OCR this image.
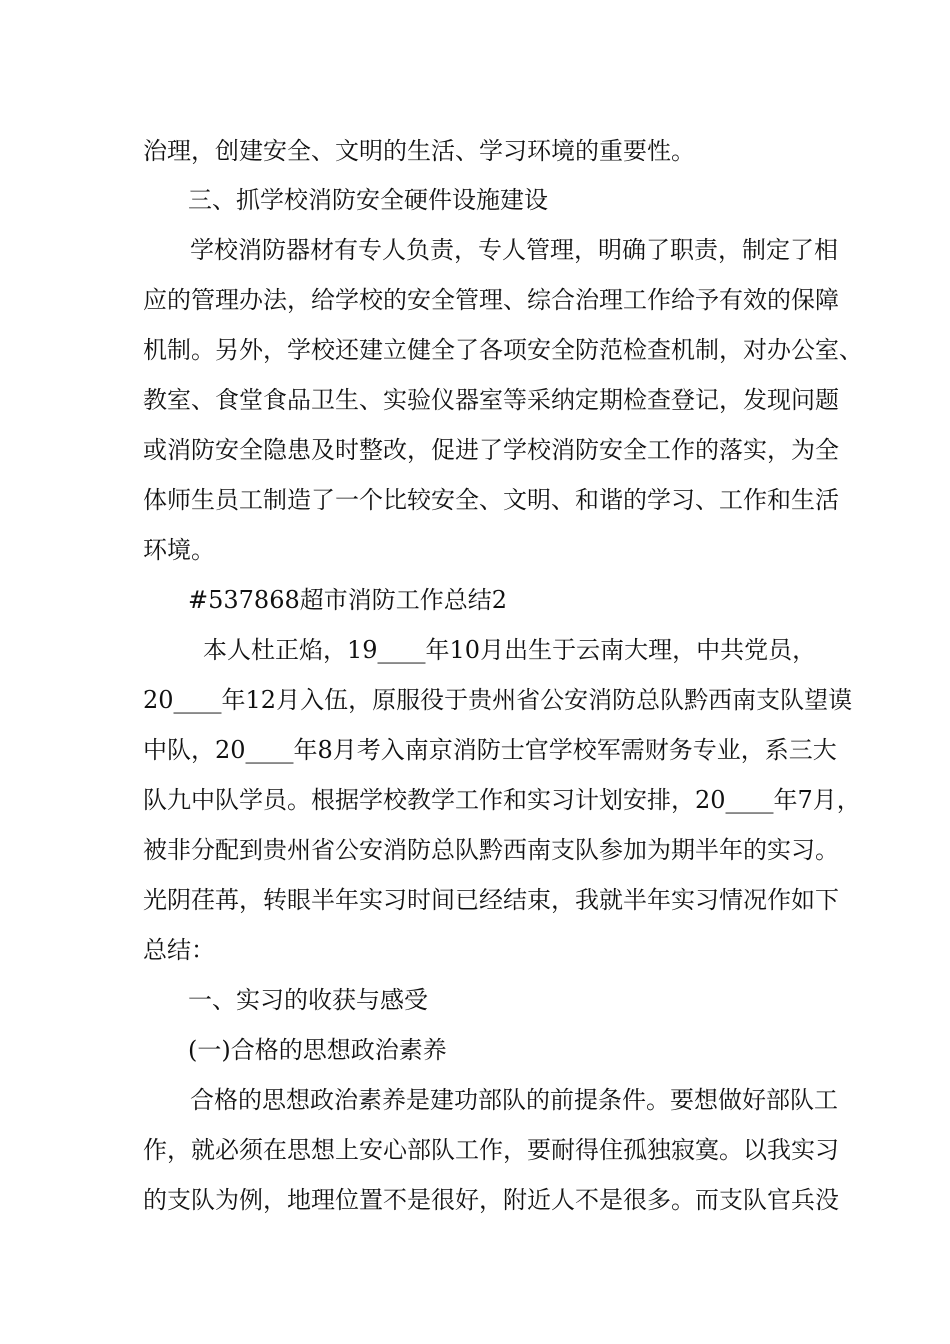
治理，创建安全、文明的生活、学习环境的重要性。
三、抓学校消防安全硬件设施建设
学校消防器材有专人负责，专人管理，明确了职责，制定了相
应的管理办法，给学校的安全管理、综合治理工作给予有效的保障
机制。另外，学校还建立健全了各项安全防范检查机制，对办公室、
教室、食堂食品卫生、实验仪器室等采纳定期检查登记，发现问题
或消防安全隐患及时整改，促进了学校消防安全工作的落实，为全
体师生员工制造了一个比较安全、文明、和谐的学习、工作和生活
环境。
#537868超市消防工作总结2
本人杜正焰，19____年10月出生于云南大理，中共党员，
20____年12月入伍，原服役于贵州省公安消防总队黔西南支队望谟
中队，20____年8月考入南京消防士官学校军需财务专业，系三大
队九中队学员。根据学校教学工作和实习计划安排，20____年7月，
被非分配到贵州省公安消防总队黔西南支队参加为期半年的实习。
光阴荏苒，转眼半年实习时间已经结束，我就半年实习情况作如下
总结：
一、实习的收获与感受
(一)合格的思想政治素养
合格的思想政治素养是建功部队的前提条件。要想做好部队工
作，就必须在思想上安心部队工作，要耐得住孤独寂寞。以我实习
的支队为例，地理位置不是很好，附近人不是很多。而支队官兵没
